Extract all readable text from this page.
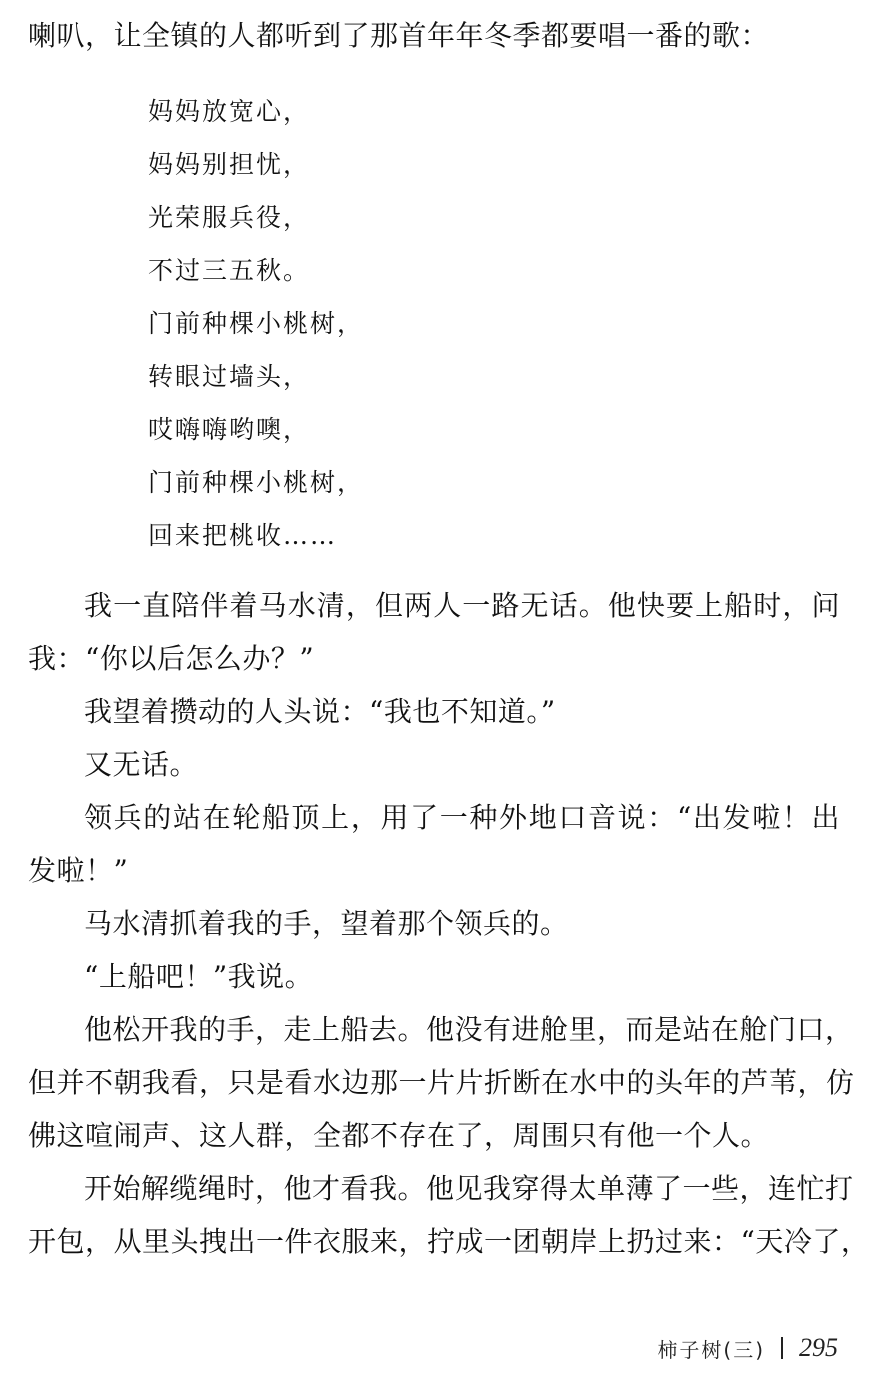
喇叭，让全镇的人都听到了那首年年冬季都要唱一番的歌：
妈妈放宽心，
妈妈别担忧，
光荣服兵役，
不过三五秋。
门前种棵小桃树，
转眼过墙头，
哎嗨嗨哟噢，
门前种棵小桃树，
回来把桃收……
我一直陪伴着马水清，但两人一路无话。他快要上船时，问
我：“你以后怎么办？”
我望着攒动的人头说：“我也不知道。”
又无话。
领兵的站在轮船顶上，用了一种外地口音说：“出发啦！出
发啦！”
马水清抓着我的手，望着那个领兵的。
“上船吧！”我说。
他松开我的手，走上船去。他没有进舱里，而是站在舱门口，
但并不朝我看，只是看水边那一片片折断在水中的头年的芦苇，仿
佛这喧闹声、这人群，全都不存在了，周围只有他一个人。
开始解缆绳时，他才看我。他见我穿得太单薄了一些，连忙打
开包，从里头拽出一件衣服来，拧成一团朝岸上扔过来：“天冷了，
柿子树(三) 295
